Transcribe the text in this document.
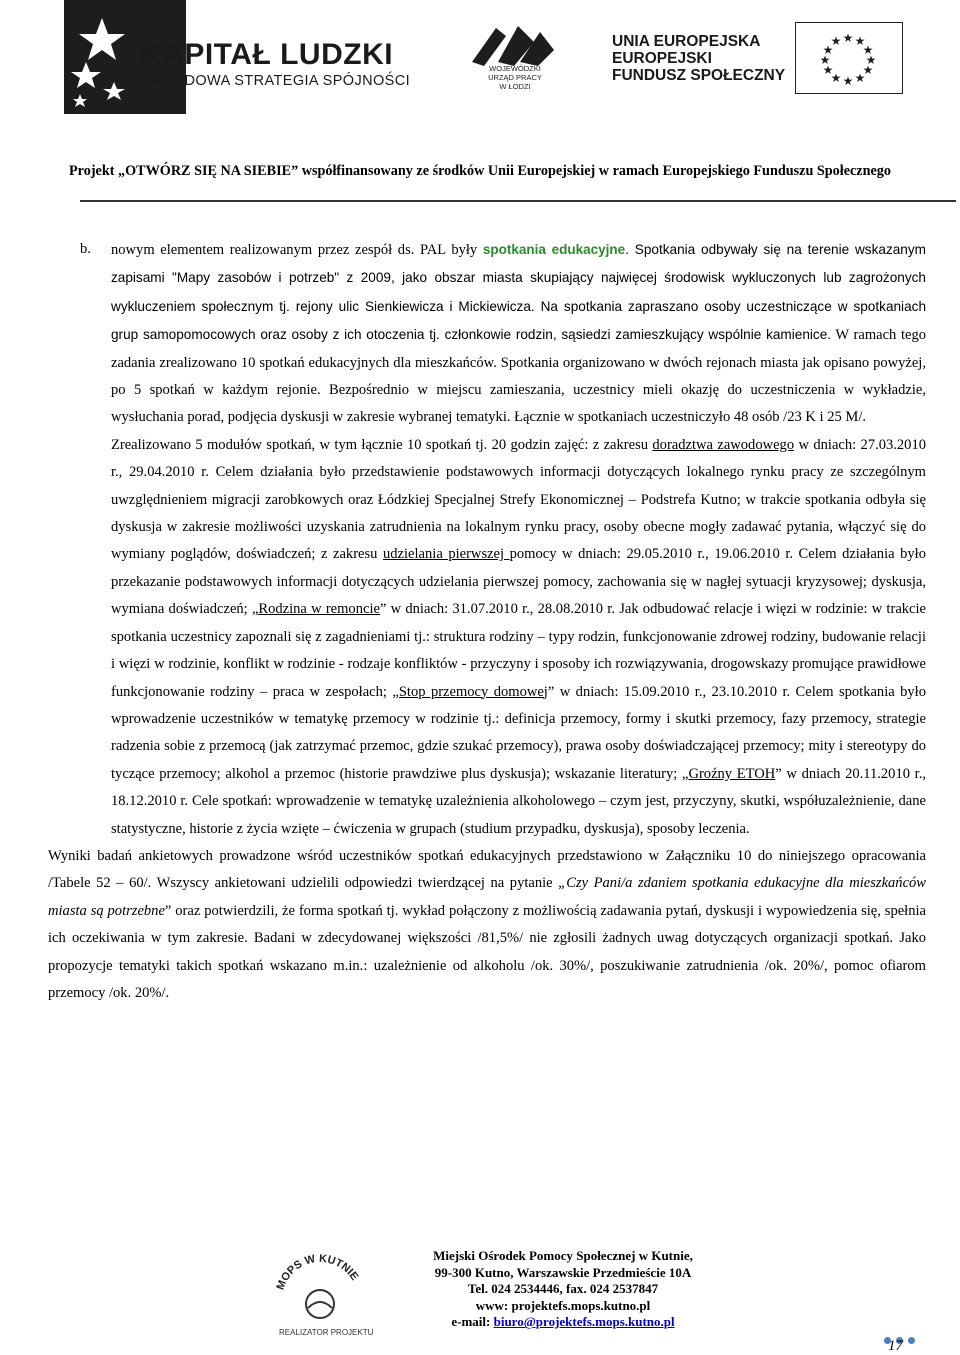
KAPITAŁ LUDZKI
NARODOWA STRATEGIA SPÓJNOŚCI
WOJEWÓDZKI
URZĄD PRACY
W ŁODZI
UNIA EUROPEJSKA
EUROPEJSKI
FUNDUSZ SPOŁECZNY
★ ★
★
★
★
★
★
★
★
★
★
★
Projekt „OTWÓRZ SIĘ NA SIEBIE” współfinansowany ze środków Unii Europejskiej w ramach Europejskiego Funduszu Społecznego
b. nowym elementem realizowanym przez zespół ds. PAL były spotkania edukacyjne. Spotkania odbywały się na terenie wskazanym zapisami "Mapy zasobów i potrzeb" z 2009, jako obszar miasta skupiający najwięcej środowisk wykluczonych lub zagrożonych wykluczeniem społecznym tj. rejony ulic Sienkiewicza i Mickiewicza. Na spotkania zapraszano osoby uczestniczące w spotkaniach grup samopomocowych oraz osoby z ich otoczenia tj. członkowie rodzin, sąsiedzi zamieszkujący wspólnie kamienice. W ramach tego zadania zrealizowano 10 spotkań edukacyjnych dla mieszkańców. Spotkania organizowano w dwóch rejonach miasta jak opisano powyżej, po 5 spotkań w każdym rejonie. Bezpośrednio w miejscu zamieszania, uczestnicy mieli okazję do uczestniczenia w wykładzie, wysłuchania porad, podjęcia dyskusji w zakresie wybranej tematyki. Łącznie w spotkaniach uczestniczyło 48 osób /23 K i 25 M/.

Zrealizowano 5 modułów spotkań, w tym łącznie 10 spotkań tj. 20 godzin zajęć: z zakresu doradztwa zawodowego w dniach: 27.03.2010 r., 29.04.2010 r. Celem działania było przedstawienie podstawowych informacji dotyczących lokalnego rynku pracy ze szczególnym uwzględnieniem migracji zarobkowych oraz Łódzkiej Specjalnej Strefy Ekonomicznej – Podstrefa Kutno; w trakcie spotkania odbyła się dyskusja w zakresie możliwości uzyskania zatrudnienia na lokalnym rynku pracy, osoby obecne mogły zadawać pytania, włączyć się do wymiany poglądów, doświadczeń; z zakresu udzielania pierwszej pomocy w dniach: 29.05.2010 r., 19.06.2010 r. Celem działania było przekazanie podstawowych informacji dotyczących udzielania pierwszej pomocy, zachowania się w nagłej sytuacji kryzysowej; dyskusja, wymiana doświadczeń; „Rodzina w remoncie” w dniach: 31.07.2010 r., 28.08.2010 r. Jak odbudować relacje i więzi w rodzinie: w trakcie spotkania uczestnicy zapoznali się z zagadnieniami tj.: struktura rodziny – typy rodzin, funkcjonowanie zdrowej rodziny, budowanie relacji i więzi w rodzinie, konflikt w rodzinie - rodzaje konfliktów - przyczyny i sposoby ich rozwiązywania, drogowskazy promujące prawidłowe funkcjonowanie rodziny – praca w zespołach; „Stop przemocy domowej” w dniach: 15.09.2010 r., 23.10.2010 r. Celem spotkania było wprowadzenie uczestników w tematykę przemocy w rodzinie tj.: definicja przemocy, formy i skutki przemocy, fazy przemocy, strategie radzenia sobie z przemocą (jak zatrzymać przemoc, gdzie szukać przemocy), prawa osoby doświadczającej przemocy; mity i stereotypy do tyczące przemocy; alkohol a przemoc (historie prawdziwe plus dyskusja); wskazanie literatury; „Groźny ETOH” w dniach 20.11.2010 r., 18.12.2010 r. Cele spotkań: wprowadzenie w tematykę uzależnienia alkoholowego – czym jest, przyczyny, skutki, współuzależnienie, dane statystyczne, historie z życia wzięte – ćwiczenia w grupach (studium przypadku, dyskusja), sposoby leczenia.

Wyniki badań ankietowych prowadzone wśród uczestników spotkań edukacyjnych przedstawiono w Załączniku 10 do niniejszego opracowania /Tabele 52 – 60/. Wszyscy ankietowani udzielili odpowiedzi twierdzącej na pytanie „Czy Pani/a zdaniem spotkania edukacyjne dla mieszkańców miasta są potrzebne” oraz potwierdzili, że forma spotkań tj. wykład połączony z możliwością zadawania pytań, dyskusji i wypowiedzenia się, spełnia ich oczekiwania w tym zakresie. Badani w zdecydowanej większości /81,5%/ nie zgłosili żadnych uwag dotyczących organizacji spotkań. Jako propozycje tematyki takich spotkań wskazano m.in.: uzależnienie od alkoholu /ok. 30%/, poszukiwanie zatrudnienia /ok. 20%/, pomoc ofiarom przemocy /ok. 20%/.

MOPS W KUTNIE
REALIZATOR PROJEKTU
Miejski Ośrodek Pomocy Społecznej w Kutnie,
99-300 Kutno, Warszawskie Przedmieście 10A
Tel. 024 2534446, fax. 024 2537847
www: projektefs.mops.kutno.pl
e-mail: biuro@projektefs.mops.kutno.pl
17
